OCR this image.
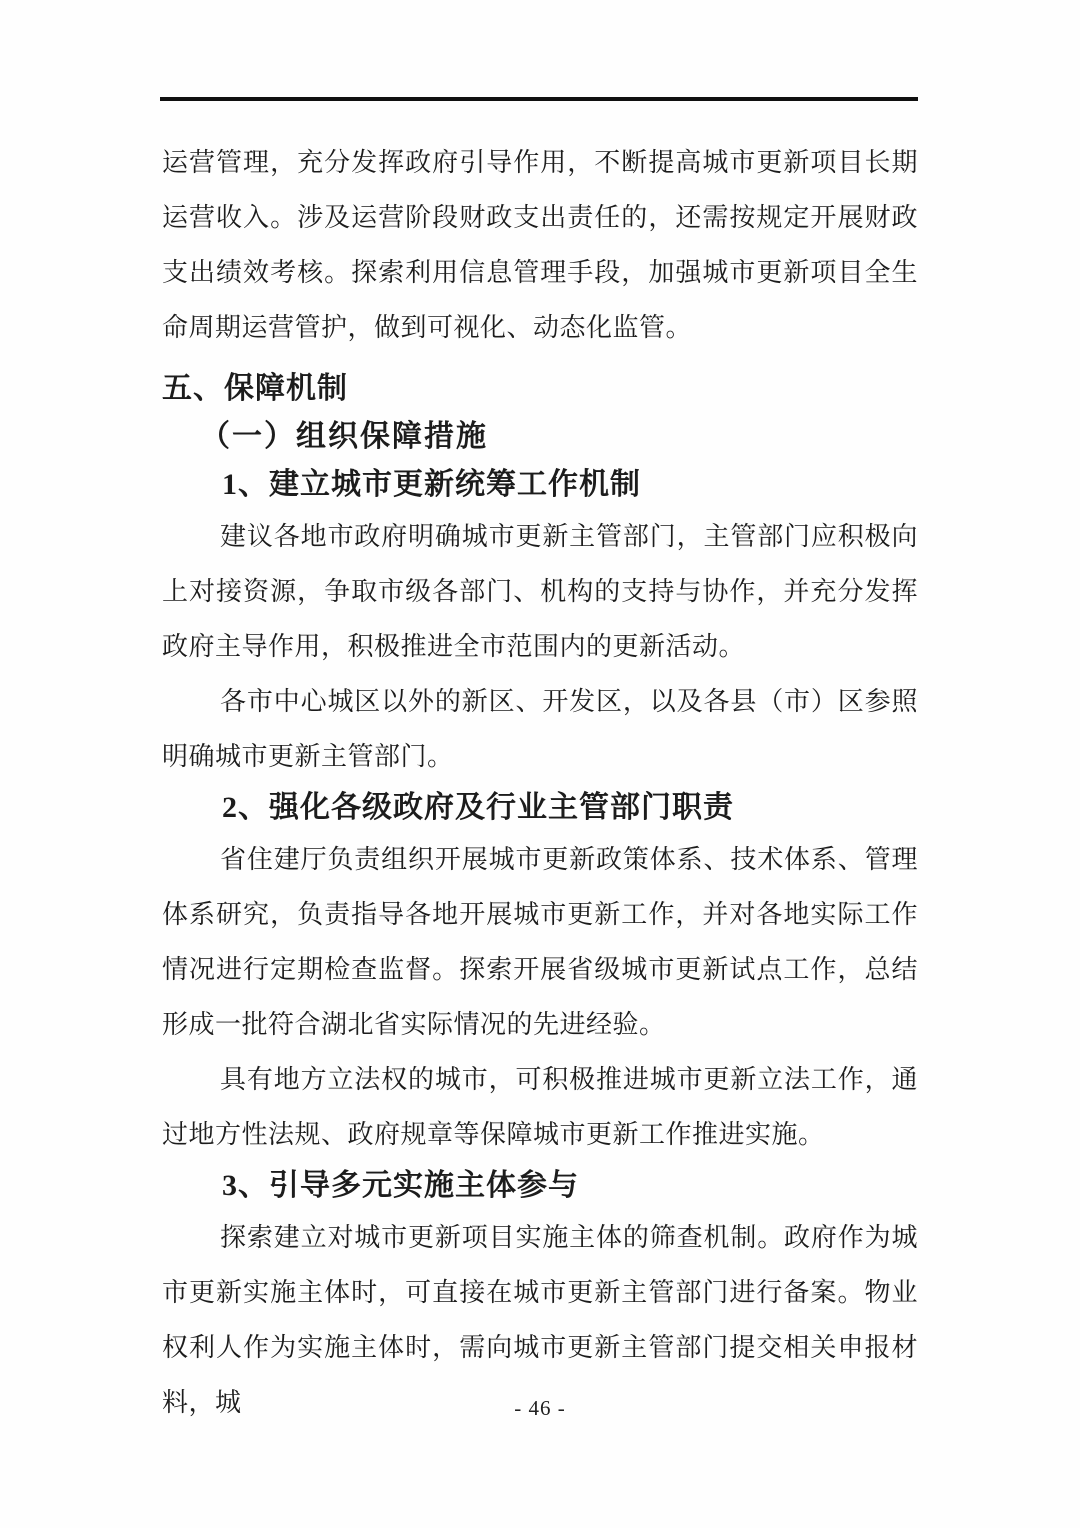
运营管理，充分发挥政府引导作用，不断提高城市更新项目长期运营收入。涉及运营阶段财政支出责任的，还需按规定开展财政支出绩效考核。探索利用信息管理手段，加强城市更新项目全生命周期运营管护，做到可视化、动态化监管。
五、保障机制
（一）组织保障措施
1、建立城市更新统筹工作机制
建议各地市政府明确城市更新主管部门，主管部门应积极向上对接资源，争取市级各部门、机构的支持与协作，并充分发挥政府主导作用，积极推进全市范围内的更新活动。
各市中心城区以外的新区、开发区，以及各县（市）区参照明确城市更新主管部门。
2、强化各级政府及行业主管部门职责
省住建厅负责组织开展城市更新政策体系、技术体系、管理体系研究，负责指导各地开展城市更新工作，并对各地实际工作情况进行定期检查监督。探索开展省级城市更新试点工作，总结形成一批符合湖北省实际情况的先进经验。
具有地方立法权的城市，可积极推进城市更新立法工作，通过地方性法规、政府规章等保障城市更新工作推进实施。
3、引导多元实施主体参与
探索建立对城市更新项目实施主体的筛查机制。政府作为城市更新实施主体时，可直接在城市更新主管部门进行备案。物业权利人作为实施主体时，需向城市更新主管部门提交相关申报材料，城	- 46 -
